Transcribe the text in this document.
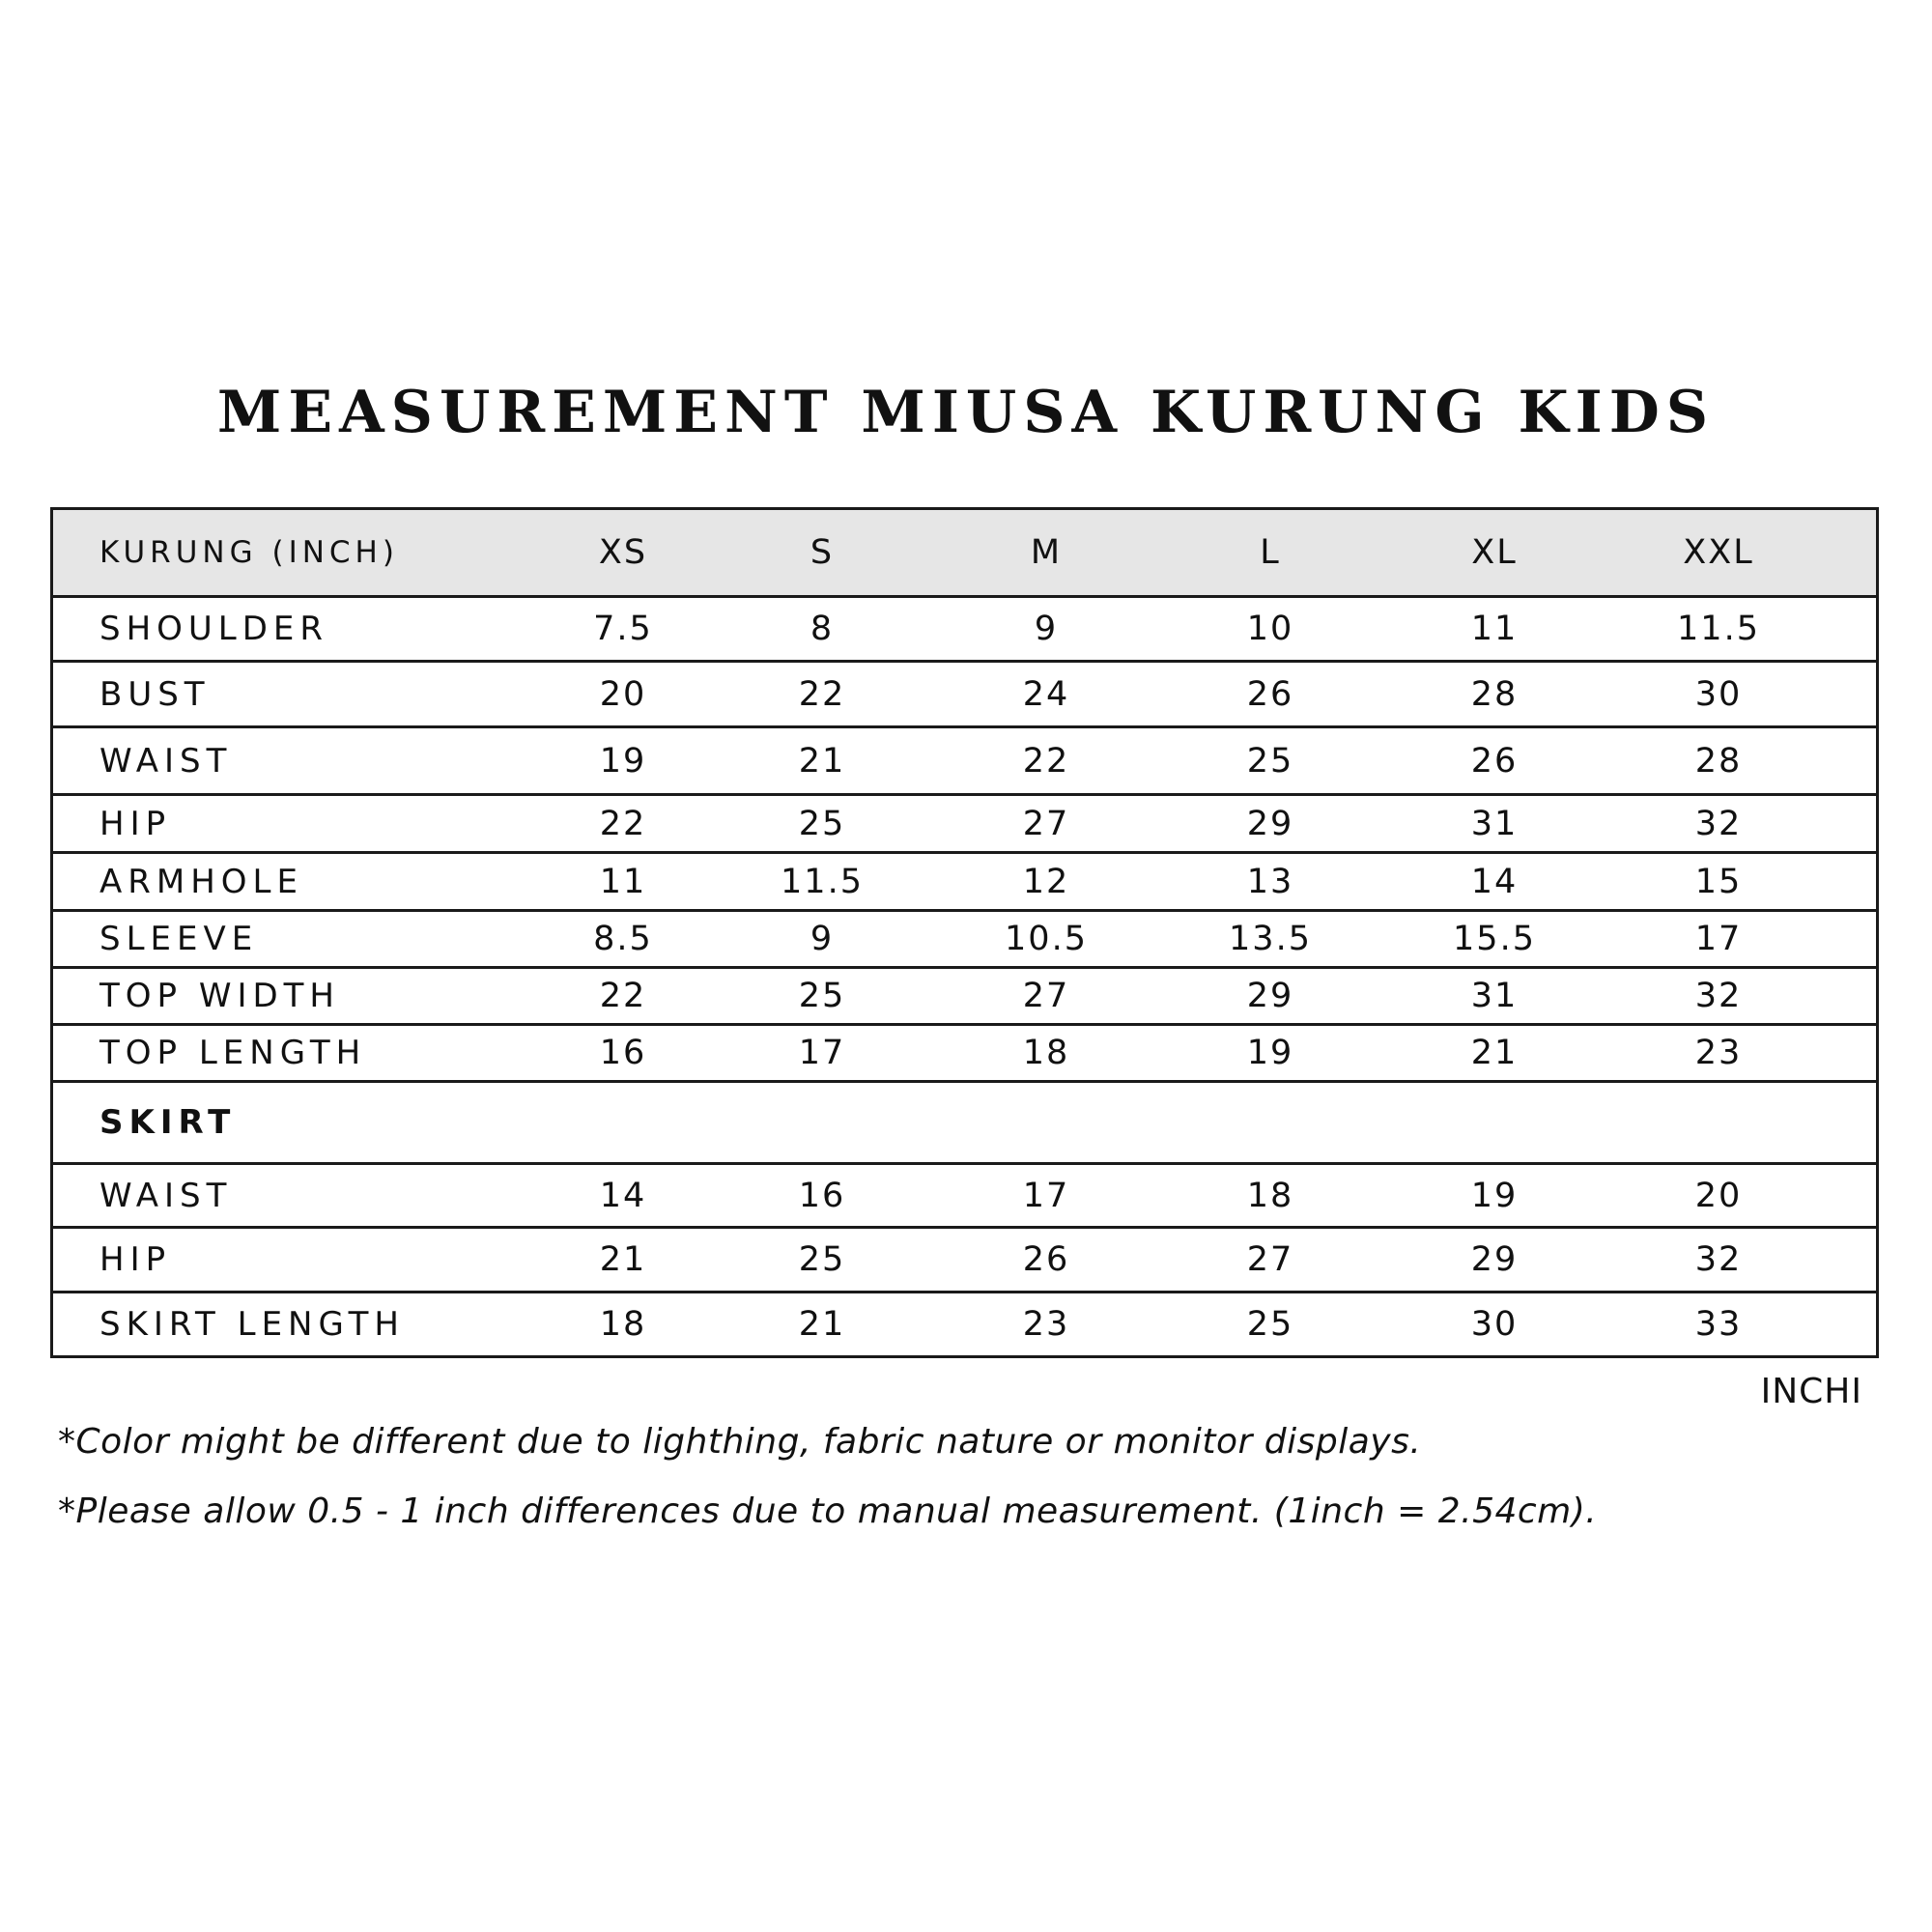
MEASUREMENT MIUSA KURUNG KIDS
KURUNG (INCH)	XS	S	M	L	XL	XXL
SHOULDER	7.5	8	9	10	11	11.5
BUST	20	22	24	26	28	30
WAIST	19	21	22	25	26	28
HIP	22	25	27	29	31	32
ARMHOLE	11	11.5	12	13	14	15
SLEEVE	8.5	9	10.5	13.5	15.5	17
TOP WIDTH	22	25	27	29	31	32
TOP LENGTH	16	17	18	19	21	23
SKIRT
WAIST	14	16	17	18	19	20
HIP	21	25	26	27	29	32
SKIRT LENGTH	18	21	23	25	30	33
INCHI
*Color might be different due to lighthing, fabric nature or monitor displays.
*Please allow 0.5 - 1 inch differences due to manual measurement. (1inch = 2.54cm).
